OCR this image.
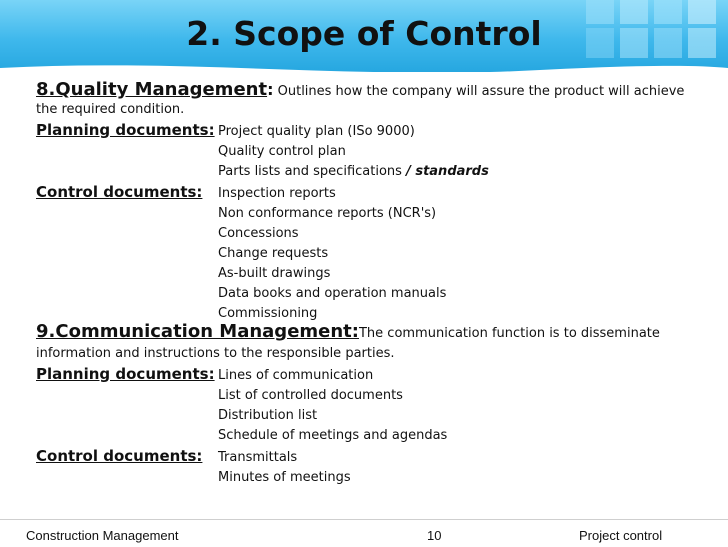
2. Scope of Control
8.Quality Management: Outlines how the company will assure the product will achieve
the required condition.
Planning documents: Project quality plan (ISo 9000)
Quality control plan
Parts lists and specifications / standards
Control documents: Inspection reports
Non conformance reports (NCR's)
Concessions
Change requests
As-built drawings
Data books and operation manuals
Commissioning
9.Communication Management:The communication function is to disseminate
information and instructions to the responsible parties.
Planning documents: Lines of communication
List of controlled documents
Distribution list
Schedule of meetings and agendas
Control documents: Transmittals
Minutes of meetings
Construction Management	10	Project control
